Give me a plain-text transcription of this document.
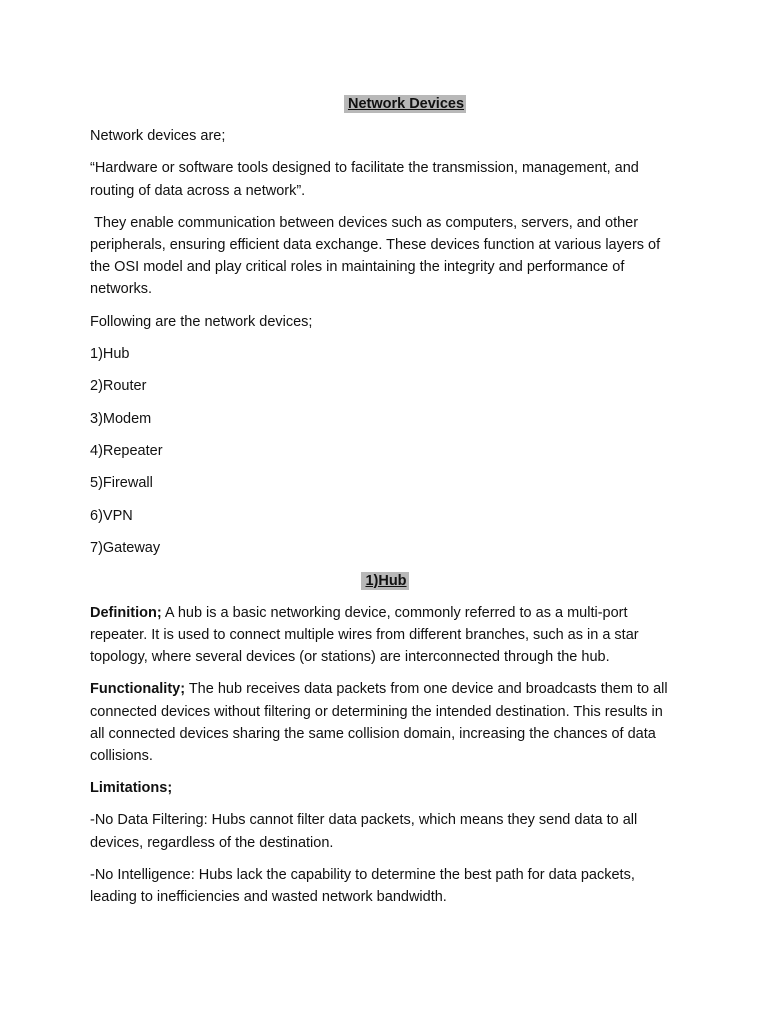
Network Devices

Network devices are;

“Hardware or software tools designed to facilitate the transmission, management, and routing of data across a network”.

They enable communication between devices such as computers, servers, and other peripherals, ensuring efficient data exchange. These devices function at various layers of the OSI model and play critical roles in maintaining the integrity and performance of networks.

Following are the network devices;

1)Hub
2)Router
3)Modem
4)Repeater
5)Firewall
6)VPN
7)Gateway
1)Hub

Definition; A hub is a basic networking device, commonly referred to as a multi-port repeater. It is used to connect multiple wires from different branches, such as in a star topology, where several devices (or stations) are interconnected through the hub.

Functionality; The hub receives data packets from one device and broadcasts them to all connected devices without filtering or determining the intended destination. This results in all connected devices sharing the same collision domain, increasing the chances of data collisions.

Limitations;

-No Data Filtering: Hubs cannot filter data packets, which means they send data to all devices, regardless of the destination.

-No Intelligence: Hubs lack the capability to determine the best path for data packets, leading to inefficiencies and wasted network bandwidth.
